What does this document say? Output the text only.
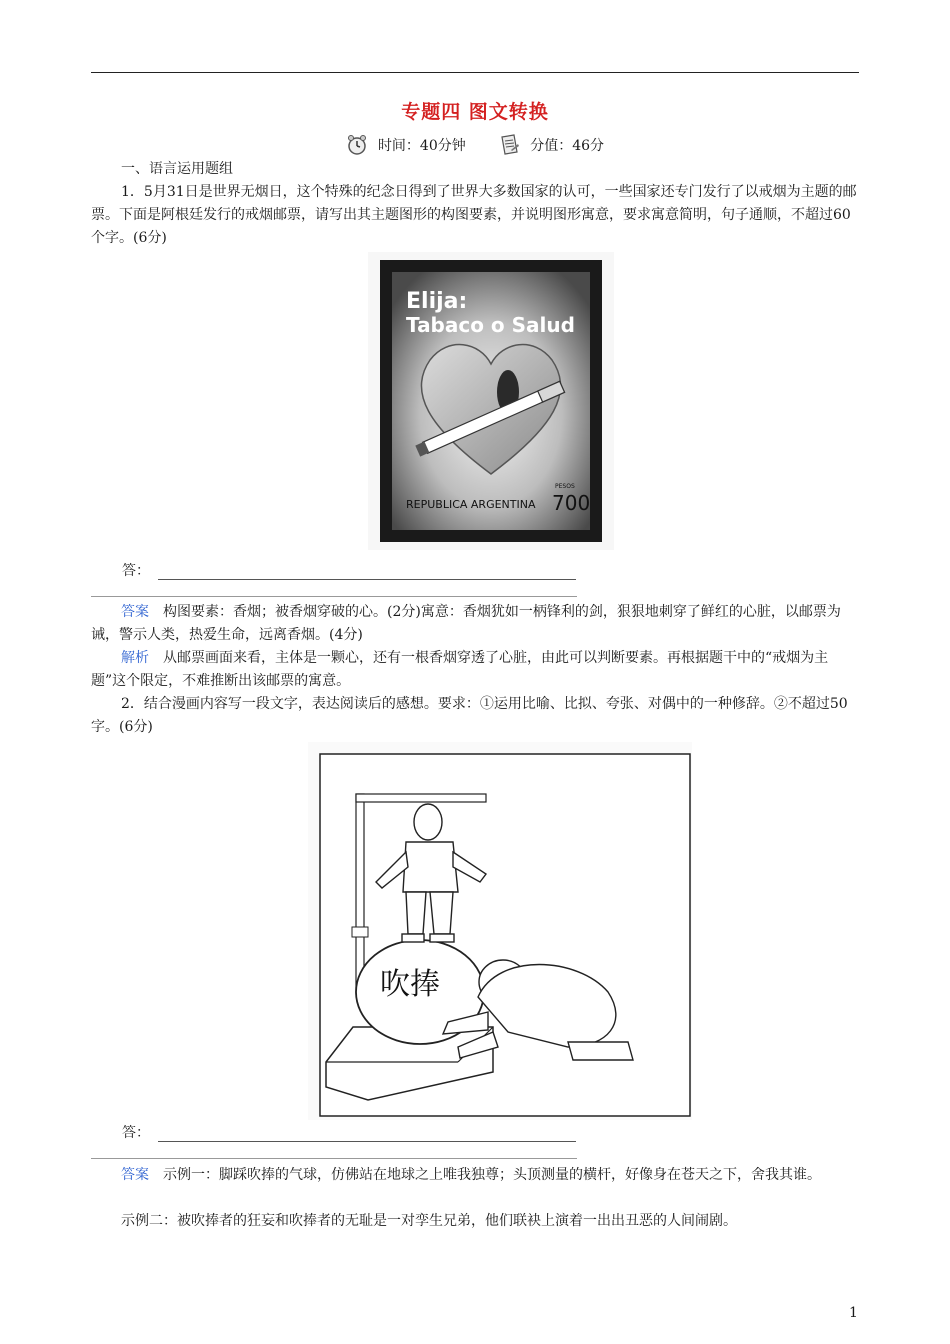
专题四 图文转换
时间：40分钟
	分值：46分
一、语言运用题组
1．5月31日是世界无烟日，这个特殊的纪念日得到了世界大多数国家的认可，一些国家还专门发行了以戒烟为主题的邮票。下面是阿根廷发行的戒烟邮票，请写出其主题图形的构图要素，并说明图形寓意，要求寓意简明，句子通顺，不超过60个字。(6分)
Elija:
Tabaco o Salud
REPUBLICA ARGENTINA
PESOS
700
答：
答案 构图要素：香烟；被香烟穿破的心。(2分)寓意：香烟犹如一柄锋利的剑，狠狠地刺穿了鲜红的心脏，以邮票为诫，警示人类，热爱生命，远离香烟。(4分)
解析 从邮票画面来看，主体是一颗心，还有一根香烟穿透了心脏，由此可以判断要素。再根据题干中的“戒烟为主题”这个限定，不难推断出该邮票的寓意。
2．结合漫画内容写一段文字，表达阅读后的感想。要求：①运用比喻、比拟、夸张、对偶中的一种修辞。②不超过50字。(6分)
吹捧
答：
答案 示例一：脚踩吹捧的气球，仿佛站在地球之上唯我独尊；头顶测量的横杆，好像身在苍天之下，舍我其谁。
示例二：被吹捧者的狂妄和吹捧者的无耻是一对孪生兄弟，他们联袂上演着一出出丑恶的人间闹剧。
1
